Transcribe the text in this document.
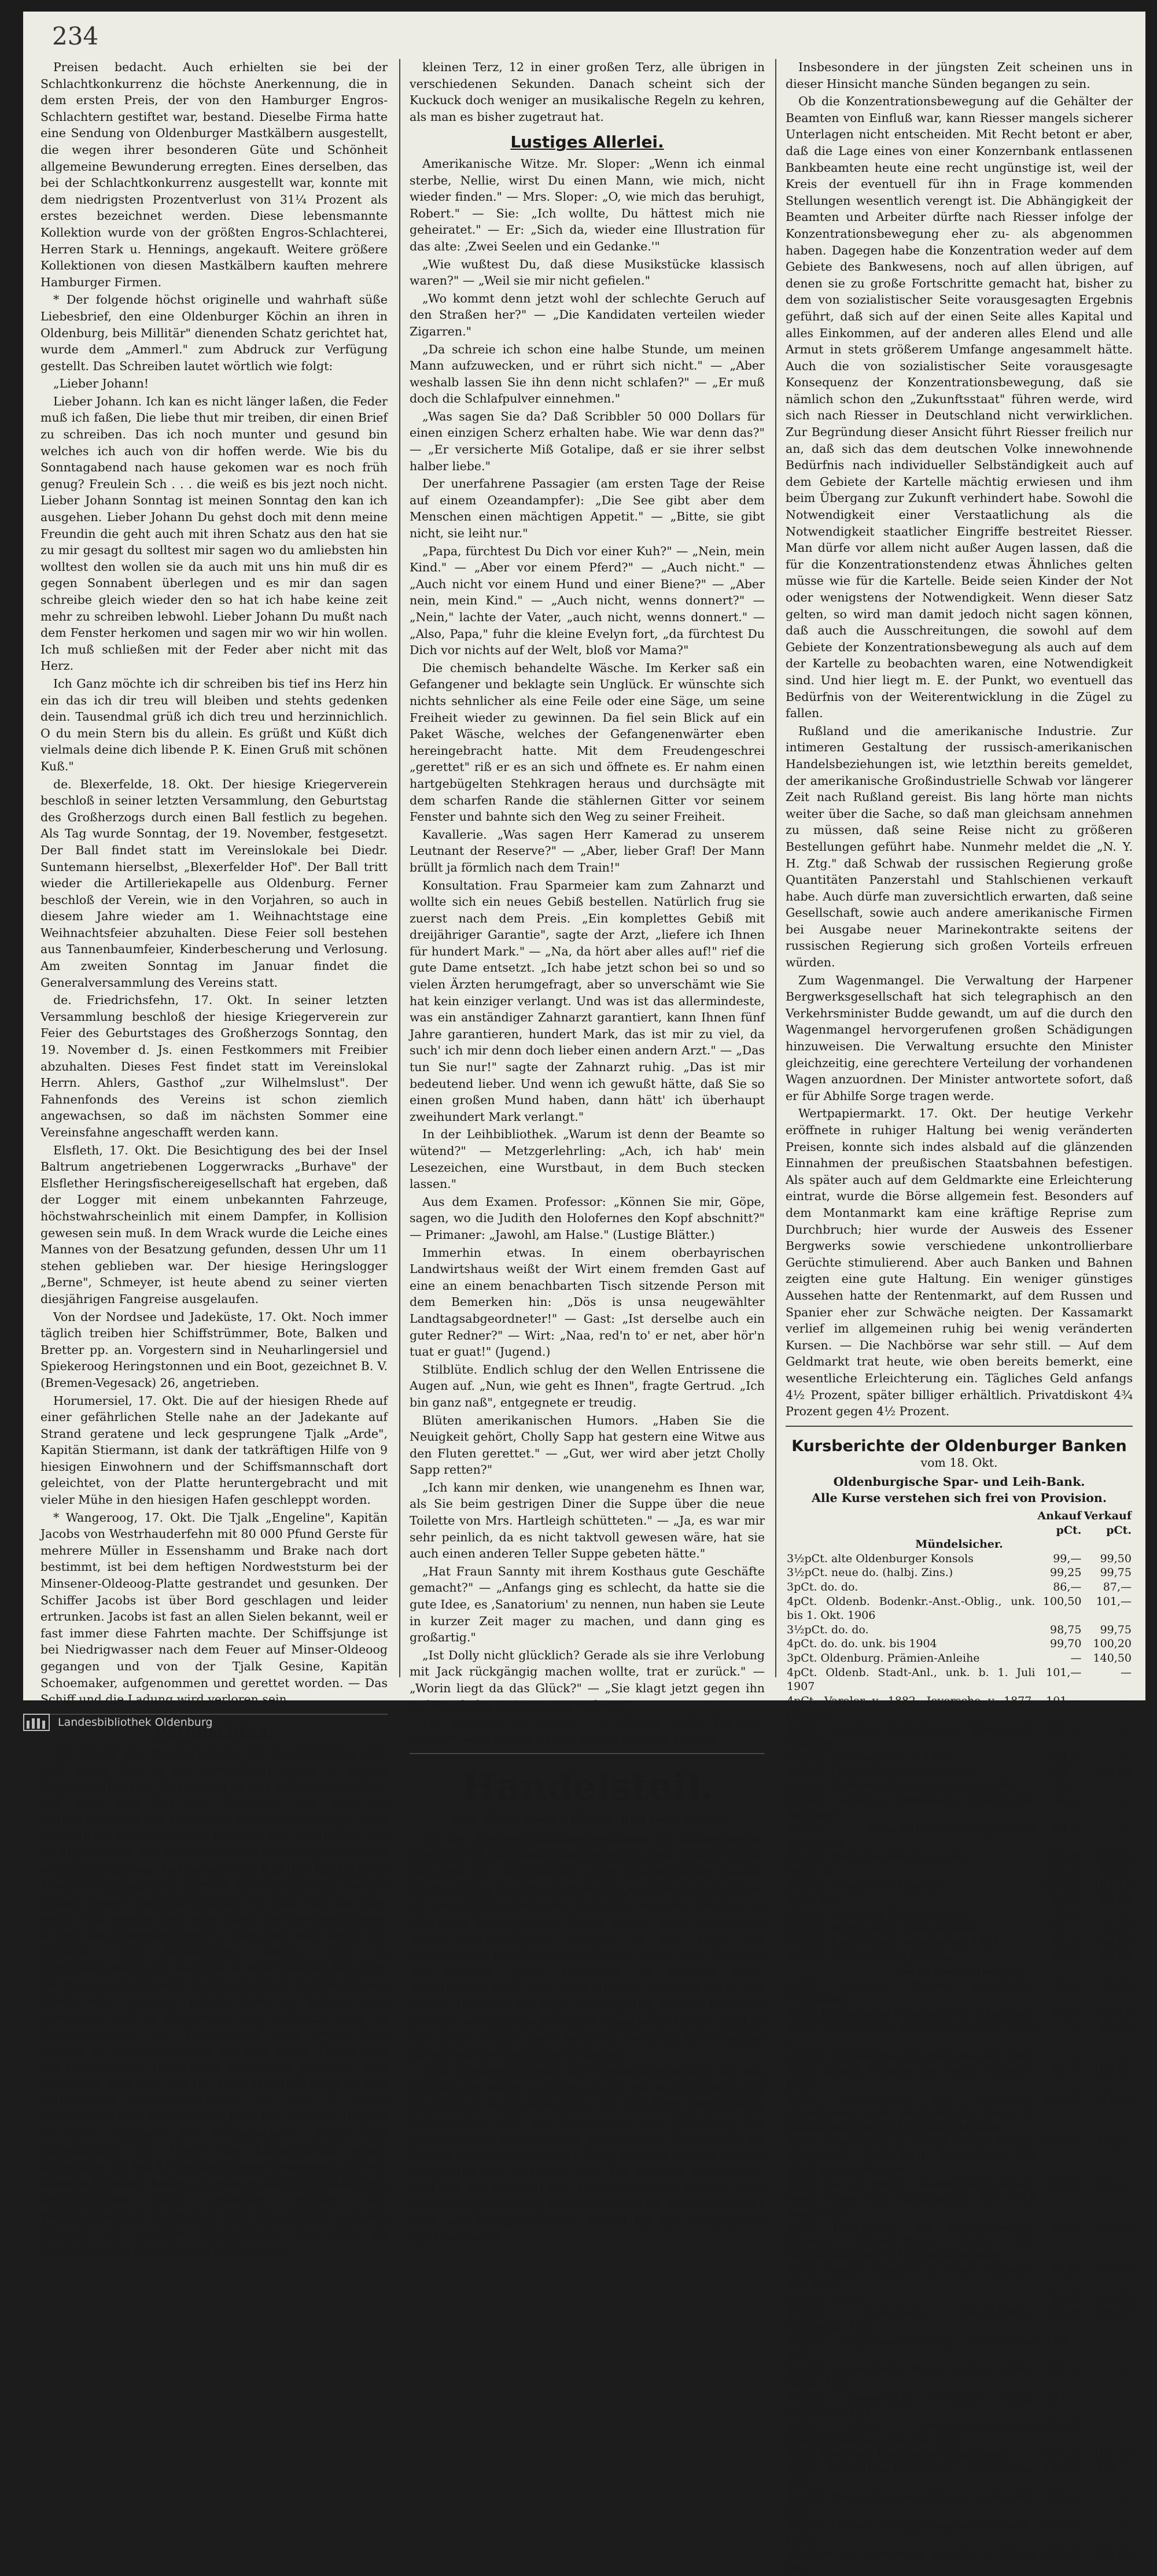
234

Preisen bedacht. Auch erhielten sie bei der Schlachtkonkurrenz die höchste Anerkennung, die in dem ersten Preis, der von den Hamburger Engros-Schlachtern gestiftet war, bestand. Dieselbe Firma hatte eine Sendung von Oldenburger Mastkälbern ausgestellt, die wegen ihrer besonderen Güte und Schönheit allgemeine Bewunderung erregten. Eines derselben, das bei der Schlachtkonkurrenz ausgestellt war, konnte mit dem niedrigsten Prozentverlust von 31¼ Prozent als erstes bezeichnet werden. Diese lebensmannte Kollektion wurde von der größten Engros-Schlachterei, Herren Stark u. Hennings, angekauft. Weitere größere Kollektionen von diesen Mastkälbern kauften mehrere Hamburger Firmen.

* Der folgende höchst originelle und wahrhaft süße Liebesbrief, den eine Oldenburger Köchin an ihren in Oldenburg, beis Millitär" dienenden Schatz gerichtet hat, wurde dem „Ammerl." zum Abdruck zur Verfügung gestellt. Das Schreiben lautet wörtlich wie folgt:

„Lieber Johann!

Lieber Johann. Ich kan es nicht länger laßen, die Feder muß ich faßen, Die liebe thut mir treiben, dir einen Brief zu schreiben. Das ich noch munter und gesund bin welches ich auch von dir hoffen werde. Wie bis du Sonntagabend nach hause gekomen war es noch früh genug? Freulein Sch . . . die weiß es bis jezt noch nicht. Lieber Johann Sonntag ist meinen Sonntag den kan ich ausgehen. Lieber Johann Du gehst doch mit denn meine Freundin die geht auch mit ihren Schatz aus den hat sie zu mir gesagt du solltest mir sagen wo du amliebsten hin wolltest den wollen sie da auch mit uns hin muß dir es gegen Sonnabent überlegen und es mir dan sagen schreibe gleich wieder den so hat ich habe keine zeit mehr zu schreiben lebwohl. Lieber Johann Du mußt nach dem Fenster herkomen und sagen mir wo wir hin wollen. Ich muß schließen mit der Feder aber nicht mit das Herz.

Ich Ganz möchte ich dir schreiben bis tief ins Herz hin ein das ich dir treu will bleiben und stehts gedenken dein. Tausendmal grüß ich dich treu und herzinnichlich. O du mein Stern bis du allein. Es grüßt und Küßt dich vielmals deine dich libende P. K. Einen Gruß mit schönen Kuß."

de. Blexerfelde, 18. Okt. Der hiesige Kriegerverein beschloß in seiner letzten Versammlung, den Geburtstag des Großherzogs durch einen Ball festlich zu begehen. Als Tag wurde Sonntag, der 19. November, festgesetzt. Der Ball findet statt im Vereinslokale bei Diedr. Suntemann hierselbst, „Blexerfelder Hof". Der Ball tritt wieder die Artilleriekapelle aus Oldenburg. Ferner beschloß der Verein, wie in den Vorjahren, so auch in diesem Jahre wieder am 1. Weihnachtstage eine Weihnachtsfeier abzuhalten. Diese Feier soll bestehen aus Tannenbaumfeier, Kinderbescherung und Verlosung. Am zweiten Sonntag im Januar findet die Generalversammlung des Vereins statt.

de. Friedrichsfehn, 17. Okt. In seiner letzten Versammlung beschloß der hiesige Kriegerverein zur Feier des Geburtstages des Großherzogs Sonntag, den 19. November d. Js. einen Festkommers mit Freibier abzuhalten. Dieses Fest findet statt im Vereinslokal Herrn. Ahlers, Gasthof „zur Wilhelmslust". Der Fahnenfonds des Vereins ist schon ziemlich angewachsen, so daß im nächsten Sommer eine Vereinsfahne angeschafft werden kann.

Elsfleth, 17. Okt. Die Besichtigung des bei der Insel Baltrum angetriebenen Loggerwracks „Burhave" der Elsflether Heringsfischereigesellschaft hat ergeben, daß der Logger mit einem unbekannten Fahrzeuge, höchstwahrscheinlich mit einem Dampfer, in Kollision gewesen sein muß. In dem Wrack wurde die Leiche eines Mannes von der Besatzung gefunden, dessen Uhr um 11 stehen geblieben war. Der hiesige Heringslogger „Berne", Schmeyer, ist heute abend zu seiner vierten diesjährigen Fangreise ausgelaufen.

Von der Nordsee und Jadeküste, 17. Okt. Noch immer täglich treiben hier Schiffstrümmer, Bote, Balken und Bretter pp. an. Vorgestern sind in Neuharlingersiel und Spiekeroog Heringstonnen und ein Boot, gezeichnet B. V. (Bremen-Vegesack) 26, angetrieben.

Horumersiel, 17. Okt. Die auf der hiesigen Rhede auf einer gefährlichen Stelle nahe an der Jadekante auf Strand geratene und leck gesprungene Tjalk „Arde", Kapitän Stiermann, ist dank der tatkräftigen Hilfe von 9 hiesigen Einwohnern und der Schiffsmannschaft dort geleichtet, von der Platte heruntergebracht und mit vieler Mühe in den hiesigen Hafen geschleppt worden.

* Wangeroog, 17. Okt. Die Tjalk „Engeline", Kapitän Jacobs von Westrhauderfehn mit 80 000 Pfund Gerste für mehrere Müller in Essenshamm und Brake nach dort bestimmt, ist bei dem heftigen Nordweststurm bei der Minsener-Oldeoog-Platte gestrandet und gesunken. Der Schiffer Jacobs ist über Bord geschlagen und leider ertrunken. Jacobs ist fast an allen Sielen bekannt, weil er fast immer diese Fahrten machte. Der Schiffsjunge ist bei Niedrigwasser nach dem Feuer auf Minser-Oldeoog gegangen und von der Tjalk Gesine, Kapitän Schoemaker, aufgenommen und gerettet worden. — Das Schiff und die Ladung wird verloren sein.

Vermischtes.

Die Musik des Kuckucksrufs. Ein musikalisches Ohr hält jeden Ton in der Umgebung leicht in seinen Eigenschaften fest. Deshalb ist es fast selbstverständlich, daß man den Ruf des Kuckucks, der sich die Aufmerksamkeit des Menschen geradezu erzwingt, auch musikalisch zu untersuchen bestrebt hat. Beethoven, der im allgemeinen der Tonmalerei und der Programmmusik wenig geneigt war, hat gerade den Ruf des Kuckucks in Tönen wiedergegeben, nämlich am Schlusse des zweiten Satzes seiner Pastoral-Sinfonie. Er gibt ihn als eine große Terz wieder, und zwar durch das zweigestrichene d und das eingestrichene b. Man hat nun schon vor längerer Zeit beobachten wollen, daß in Norddeutschland der Kuckuck in einer kleinen Terz ruft. Da man nun nicht wohl annehmen kann, daß Beethoven falsch oder ungenau gehört habe, so könnte man vermuten, daß in Österreich und vielleicht auch in Süddeutschland der Kuckucksruf eine große Terz umfaßt, in Norddeutschland nur eine kleine. Damit wird die feststehende Tatsache in Beziehung gebracht, daß die kleine Terz und mit ihr auch Molldreiklänge in den Volksliedern Norddeutschlands, nie aber in denen Süddeutschlands vorkommen. Jetzt hat Theodor Höynck in einer Nummer der Monatsschrift „Natur und Offenbarung" die Frage des Kuckucksrufs genau untersucht. Er hat 84 Beobachtungen gesammelt, die ein anderes Ergebnis haben, als man es nach den bisherigen Anschauungen hätte erwarten müssen. Die Wahrnehmungen geschahen zum Teil vielfach auf eine Gegend am unteren Niederrhein. Von den 84 Kuckucksrufen bewegten sich 32 in einer

kleinen Terz, 12 in einer großen Terz, alle übrigen in verschiedenen Sekunden. Danach scheint sich der Kuckuck doch weniger an musikalische Regeln zu kehren, als man es bisher zugetraut hat.

Lustiges Allerlei.

Amerikanische Witze. Mr. Sloper: „Wenn ich einmal sterbe, Nellie, wirst Du einen Mann, wie mich, nicht wieder finden." — Mrs. Sloper: „O, wie mich das beruhigt, Robert." — Sie: „Ich wollte, Du hättest mich nie geheiratet." — Er: „Sich da, wieder eine Illustration für das alte: ‚Zwei Seelen und ein Gedanke.'"

„Wie wußtest Du, daß diese Musikstücke klassisch waren?" — „Weil sie mir nicht gefielen."

„Wo kommt denn jetzt wohl der schlechte Geruch auf den Straßen her?" — „Die Kandidaten verteilen wieder Zigarren."

„Da schreie ich schon eine halbe Stunde, um meinen Mann aufzuwecken, und er rührt sich nicht." — „Aber weshalb lassen Sie ihn denn nicht schlafen?" — „Er muß doch die Schlafpulver einnehmen."

„Was sagen Sie da? Daß Scribbler 50 000 Dollars für einen einzigen Scherz erhalten habe. Wie war denn das?" — „Er versicherte Miß Gotalipe, daß er sie ihrer selbst halber liebe."

Der unerfahrene Passagier (am ersten Tage der Reise auf einem Ozeandampfer): „Die See gibt aber dem Menschen einen mächtigen Appetit." — „Bitte, sie gibt nicht, sie leiht nur."

„Papa, fürchtest Du Dich vor einer Kuh?" — „Nein, mein Kind." — „Aber vor einem Pferd?" — „Auch nicht." — „Auch nicht vor einem Hund und einer Biene?" — „Aber nein, mein Kind." — „Auch nicht, wenns donnert?" — „Nein," lachte der Vater, „auch nicht, wenns donnert." — „Also, Papa," fuhr die kleine Evelyn fort, „da fürchtest Du Dich vor nichts auf der Welt, bloß vor Mama?"

Die chemisch behandelte Wäsche. Im Kerker saß ein Gefangener und beklagte sein Unglück. Er wünschte sich nichts sehnlicher als eine Feile oder eine Säge, um seine Freiheit wieder zu gewinnen. Da fiel sein Blick auf ein Paket Wäsche, welches der Gefangenenwärter eben hereingebracht hatte. Mit dem Freudengeschrei „gerettet" riß er es an sich und öffnete es. Er nahm einen hartgebügelten Stehkragen heraus und durchsägte mit dem scharfen Rande die stählernen Gitter vor seinem Fenster und bahnte sich den Weg zu seiner Freiheit.

Kavallerie. „Was sagen Herr Kamerad zu unserem Leutnant der Reserve?" — „Aber, lieber Graf! Der Mann brüllt ja förmlich nach dem Train!"

Konsultation. Frau Sparmeier kam zum Zahnarzt und wollte sich ein neues Gebiß bestellen. Natürlich frug sie zuerst nach dem Preis. „Ein komplettes Gebiß mit dreijähriger Garantie", sagte der Arzt, „liefere ich Ihnen für hundert Mark." — „Na, da hört aber alles auf!" rief die gute Dame entsetzt. „Ich habe jetzt schon bei so und so vielen Ärzten herumgefragt, aber so unverschämt wie Sie hat kein einziger verlangt. Und was ist das allermindeste, was ein anständiger Zahnarzt garantiert, kann Ihnen fünf Jahre garantieren, hundert Mark, das ist mir zu viel, da such' ich mir denn doch lieber einen andern Arzt." — „Das tun Sie nur!" sagte der Zahnarzt ruhig. „Das ist mir bedeutend lieber. Und wenn ich gewußt hätte, daß Sie so einen großen Mund haben, dann hätt' ich überhaupt zweihundert Mark verlangt."

In der Leihbibliothek. „Warum ist denn der Beamte so wütend?" — Metzgerlehrling: „Ach, ich hab' mein Lesezeichen, eine Wurstbaut, in dem Buch stecken lassen."

Aus dem Examen. Professor: „Können Sie mir, Göpe, sagen, wo die Judith den Holofernes den Kopf abschnitt?" — Primaner: „Jawohl, am Halse." (Lustige Blätter.)

Immerhin etwas. In einem oberbayrischen Landwirtshaus weißt der Wirt einem fremden Gast auf eine an einem benachbarten Tisch sitzende Person mit dem Bemerken hin: „Dös is unsa neugewählter Landtagsabgeordneter!" — Gast: „Ist derselbe auch ein guter Redner?" — Wirt: „Naa, red'n to' er net, aber hör'n tuat er guat!" (Jugend.)

Stilblüte. Endlich schlug der den Wellen Entrissene die Augen auf. „Nun, wie geht es Ihnen", fragte Gertrud. „Ich bin ganz naß", entgegnete er treudig.

Blüten amerikanischen Humors. „Haben Sie die Neuigkeit gehört, Cholly Sapp hat gestern eine Witwe aus den Fluten gerettet." — „Gut, wer wird aber jetzt Cholly Sapp retten?"

„Ich kann mir denken, wie unangenehm es Ihnen war, als Sie beim gestrigen Diner die Suppe über die neue Toilette von Mrs. Hartleigh schütteten." — „Ja, es war mir sehr peinlich, da es nicht taktvoll gewesen wäre, hat sie auch einen anderen Teller Suppe gebeten hätte."

„Hat Fraun Sannty mit ihrem Kosthaus gute Geschäfte gemacht?" — „Anfangs ging es schlecht, da hatte sie die gute Idee, es ‚Sanatorium' zu nennen, nun haben sie Leute in kurzer Zeit mager zu machen, und dann ging es großartig."

„Ist Dolly nicht glücklich? Gerade als sie ihre Verlobung mit Jack rückgängig machen wollte, trat er zurück." — „Worin liegt da das Glück?" — „Sie klagt jetzt gegen ihn auf Bruch des Heiratsversprechens."

„Er versteht zu küssen." — „Woher weißt Du das, Maud?" — „Ich habe es von seinen eigenen Lippen."

Handelsteil.
Vom Wertpapier-, Waren- und Geldmarkt.

Zu den Konzentrationsbestrebungen im Bankgewerbe. (Schluß.) Ob die Bankenkonzentration eine Gefahr für die Industrie ist, will Riesser noch unentschieden lassen. Nach unserer Ansicht ist diese Frage insofern zu bejahen, als die Abhängigkeit der Industrie von den Banken zu allerhand Transaktionen Anlaß bieten kann und bietet, deren Notwendigkeit weniger in der Lage des betreffenden Industrieunternehmens als in dem Wunsche der Banken, große Geschäfte zu machen, liegt. Andererseits kann aber nach unserer Meinung nicht nur für die Industrie die enge Verknüpfung mit der Bankwelt geboten werden, sondern auch umgekehrt für die Banken eine große Gefahr darin bestehen, wenn sie ihr Schicksal zu sehr mit der Industrie verketten.

Eine Herabminderung der Verwaltungskosten ist, wie Riesser mit Recht ausführt, durch die Konzentration für die Banken nicht entstanden. Er hält 1905 ziffernmäßig festzustellen, daß im allgemeinen das Verhältnis der Unkosten zum Bruttogewinn gestiegen ist. Riesser hält die Gründe hierüber unerörtert. Nach unserer Ansicht ist eine Steigerung der Unkosten zum Teil deshalb eingetreten, weil bei der Auswahl der aufgenommenen Banken nicht immer sorgsam genug geprüft worden ist, ob der Zuwachs auch von entsprechendem Vorteil für die aufsaugende Bank sein wird.

Insbesondere in der jüngsten Zeit scheinen uns in dieser Hinsicht manche Sünden begangen zu sein.

Ob die Konzentrationsbewegung auf die Gehälter der Beamten von Einfluß war, kann Riesser mangels sicherer Unterlagen nicht entscheiden. Mit Recht betont er aber, daß die Lage eines von einer Konzernbank entlassenen Bankbeamten heute eine recht ungünstige ist, weil der Kreis der eventuell für ihn in Frage kommenden Stellungen wesentlich verengt ist. Die Abhängigkeit der Beamten und Arbeiter dürfte nach Riesser infolge der Konzentrationsbewegung eher zu- als abgenommen haben. Dagegen habe die Konzentration weder auf dem Gebiete des Bankwesens, noch auf allen übrigen, auf denen sie zu große Fortschritte gemacht hat, bisher zu dem von sozialistischer Seite vorausgesagten Ergebnis geführt, daß sich auf der einen Seite alles Kapital und alles Einkommen, auf der anderen alles Elend und alle Armut in stets größerem Umfange angesammelt hätte. Auch die von sozialistischer Seite vorausgesagte Konsequenz der Konzentrationsbewegung, daß sie nämlich schon den „Zukunftsstaat" führen werde, wird sich nach Riesser in Deutschland nicht verwirklichen. Zur Begründung dieser Ansicht führt Riesser freilich nur an, daß sich das dem deutschen Volke innewohnende Bedürfnis nach individueller Selbständigkeit auch auf dem Gebiete der Kartelle mächtig erwiesen und ihm beim Übergang zur Zukunft verhindert habe. Sowohl die Notwendigkeit einer Verstaatlichung als die Notwendigkeit staatlicher Eingriffe bestreitet Riesser. Man dürfe vor allem nicht außer Augen lassen, daß die für die Konzentrationstendenz etwas Ähnliches gelten müsse wie für die Kartelle. Beide seien Kinder der Not oder wenigstens der Notwendigkeit. Wenn dieser Satz gelten, so wird man damit jedoch nicht sagen können, daß auch die Ausschreitungen, die sowohl auf dem Gebiete der Konzentrationsbewegung als auch auf dem der Kartelle zu beobachten waren, eine Notwendigkeit sind. Und hier liegt m. E. der Punkt, wo eventuell das Bedürfnis von der Weiterentwicklung in die Zügel zu fallen.

Rußland und die amerikanische Industrie. Zur intimeren Gestaltung der russisch-amerikanischen Handelsbeziehungen ist, wie letzthin bereits gemeldet, der amerikanische Großindustrielle Schwab vor längerer Zeit nach Rußland gereist. Bis lang hörte man nichts weiter über die Sache, so daß man gleichsam annehmen zu müssen, daß seine Reise nicht zu größeren Bestellungen geführt habe. Nunmehr meldet die „N. Y. H. Ztg." daß Schwab der russischen Regierung große Quantitäten Panzerstahl und Stahlschienen verkauft habe. Auch dürfe man zuversichtlich erwarten, daß seine Gesellschaft, sowie auch andere amerikanische Firmen bei Ausgabe neuer Marinekontrakte seitens der russischen Regierung sich großen Vorteils erfreuen würden.

Zum Wagenmangel. Die Verwaltung der Harpener Bergwerksgesellschaft hat sich telegraphisch an den Verkehrsminister Budde gewandt, um auf die durch den Wagenmangel hervorgerufenen großen Schädigungen hinzuweisen. Die Verwaltung ersuchte den Minister gleichzeitig, eine gerechtere Verteilung der vorhandenen Wagen anzuordnen. Der Minister antwortete sofort, daß er für Abhilfe Sorge tragen werde.

Wertpapiermarkt. 17. Okt. Der heutige Verkehr eröffnete in ruhiger Haltung bei wenig veränderten Preisen, konnte sich indes alsbald auf die glänzenden Einnahmen der preußischen Staatsbahnen befestigen. Als später auch auf dem Geldmarkte eine Erleichterung eintrat, wurde die Börse allgemein fest. Besonders auf dem Montanmarkt kam eine kräftige Reprise zum Durchbruch; hier wurde der Ausweis des Essener Bergwerks sowie verschiedene unkontrollierbare Gerüchte stimulierend. Aber auch Banken und Bahnen zeigten eine gute Haltung. Ein weniger günstiges Aussehen hatte der Rentenmarkt, auf dem Russen und Spanier eher zur Schwäche neigten. Der Kassamarkt verlief im allgemeinen ruhig bei wenig veränderten Kursen. — Die Nachbörse war sehr still. — Auf dem Geldmarkt trat heute, wie oben bereits bemerkt, eine wesentliche Erleichterung ein. Tägliches Geld anfangs 4½ Prozent, später billiger erhältlich. Privatdiskont 4¾ Prozent gegen 4½ Prozent.

Kursberichte der Oldenburger Banken
vom 18. Okt.
Oldenburgische Spar- und Leih-Bank.
Alle Kurse verstehen sich frei von Provision.
	Ankauf pCt.	Verkauf pCt.
Mündelsicher.		
3½pCt. alte Oldenburger Konsols	99,—	99,50
3½pCt. neue do. (halbj. Zins.)	99,25	99,75
3pCt. do. do.	86,—	87,—
4pCt. Oldenb. Bodenkr.-Anst.-Oblig., unk. bis 1. Okt. 1906	100,50	101,—
3½pCt. do. do.	98,75	99,75
4pCt. do. do. unk. bis 1904	99,70	100,20
3pCt. Oldenburg. Prämien-Anleihe	—	140,50
4pCt. Oldenb. Stadt-Anl., unk. b. 1. Juli 1907	101,—	—
4pCt. Vareler v. 1882, Jeversche v. 1877, Dammer	101,—	—
4pCt. sonstige Oldenburger Kommunal-Anleihen	101,—	—
3½pCt. do. Stadt-Anl. v. 1903	98,—	—
3½pCt. Osternburger Ortsanleihe	98,—	98,50
3½pCt. Goldenstedter Gemeinde-Anleihe	98,—	—
3½pCt. sonstige Oldenburg. Kommunal-Anleihen	98,—	—
3½pCt. Eutin-Lüb.-Prior.-Obligationen garantiert	99,—	—
3½pCt. Deutsche Reichsanleihe	100,30	100,85
3pCt. do.	88,70	89,25
3½pCt. Preußische Konsols	100,60	101,15
3pCt. do.	88,70	89,25
3½pCt. Lübecker Staats-Anleihe	99,—	—
3½pCt. Dortmunder Stadt-Anleihe	97,—	97,50
3½pCt. Kieler Stadt-Anleihe von 1904	98,30	98,80
3½pCt. Bremer Stadt-Anleihe	97,75	98,50
Nicht mündelsicher.		
3pCt. staatsgar. Italien. Eisenbahn-Prioritäten	72,—	72,50
4pCt. Jütländische Pfandbriefe in Dänemark	97,50	98,15
4pCt. Schwedische Hypothekenbank, Serie V.	—	98,55
3½pCt. Stockholmer Stadtanleihe von 1905	—	—
4pCt. abgest. Pfandbr. der Berlin. Hypoth.-Bank	99,70	100,25
4pCt. Pfandbriefe der Mecklenb. Hypotheken- und Wechselbank, Serie V, Rückzahlung bis 1914 ausgeschlossen	100,70	101,25
4pCt. Pfandbriefe d. Preuß. Boden-Kredit-Aktienbank, Serie XXII, Rückzahlung bis 1915 ausgeschlossen	102,70	103,—
4pCt. do. d. Preuß. Boden-Kredit-Aktien-Bank, Serie XX, Rückzahlung bis 1913 ausgeschl.	100,50	101,—
4pCt. Pfandbriefe der Braunschweig.-Hannov. Hypoth.-Bank, Serie XX, Rückzahlung bis 1910 ausgeschlossen	95,45	95,75
4pCt. abgest. Pfandbr. d. Preuß. Hypoth.-Akt.-Bank	95,10	95,75
3½pCt. do. do.	94,50	95,05
4½pCt. Gewerksch. Ewald-Oblig., rückzahlb. 103	101,20	101,50
4½pCt. Rütgerswerke-Oblig., rückzahlbar 105	103,—	—
4½pCt. Gewerksch. König Ludwig Oblig. rückz. 103	101,—	—
4½pCt. Gewerksch. Dorstfeld Oblig. rückzahlb. 103	101,—	—
4pCt. Oblig. Deutsch-Atlantischer Telegraphenges., unk. bis 1912	101,20	—
4pCt. Krefelder Eisenbahn-Obligationen	101,20	101,50
4pCt. Glashütten-Prioritäten, rückzahlbar 102	103,50	104,—
4½pCt. Warps-Spinnerei-Priorit., rückzahlb. 103	104,—	—
4½pCt. Oldenb.-Portug. Dampfschiffs-Reed.-Oblig.	101,20	—
Wechsel auf Amsterdam kurz für fl. 100 in Mk.	168,05	168,85
Landesbibliothek Oldenburg
